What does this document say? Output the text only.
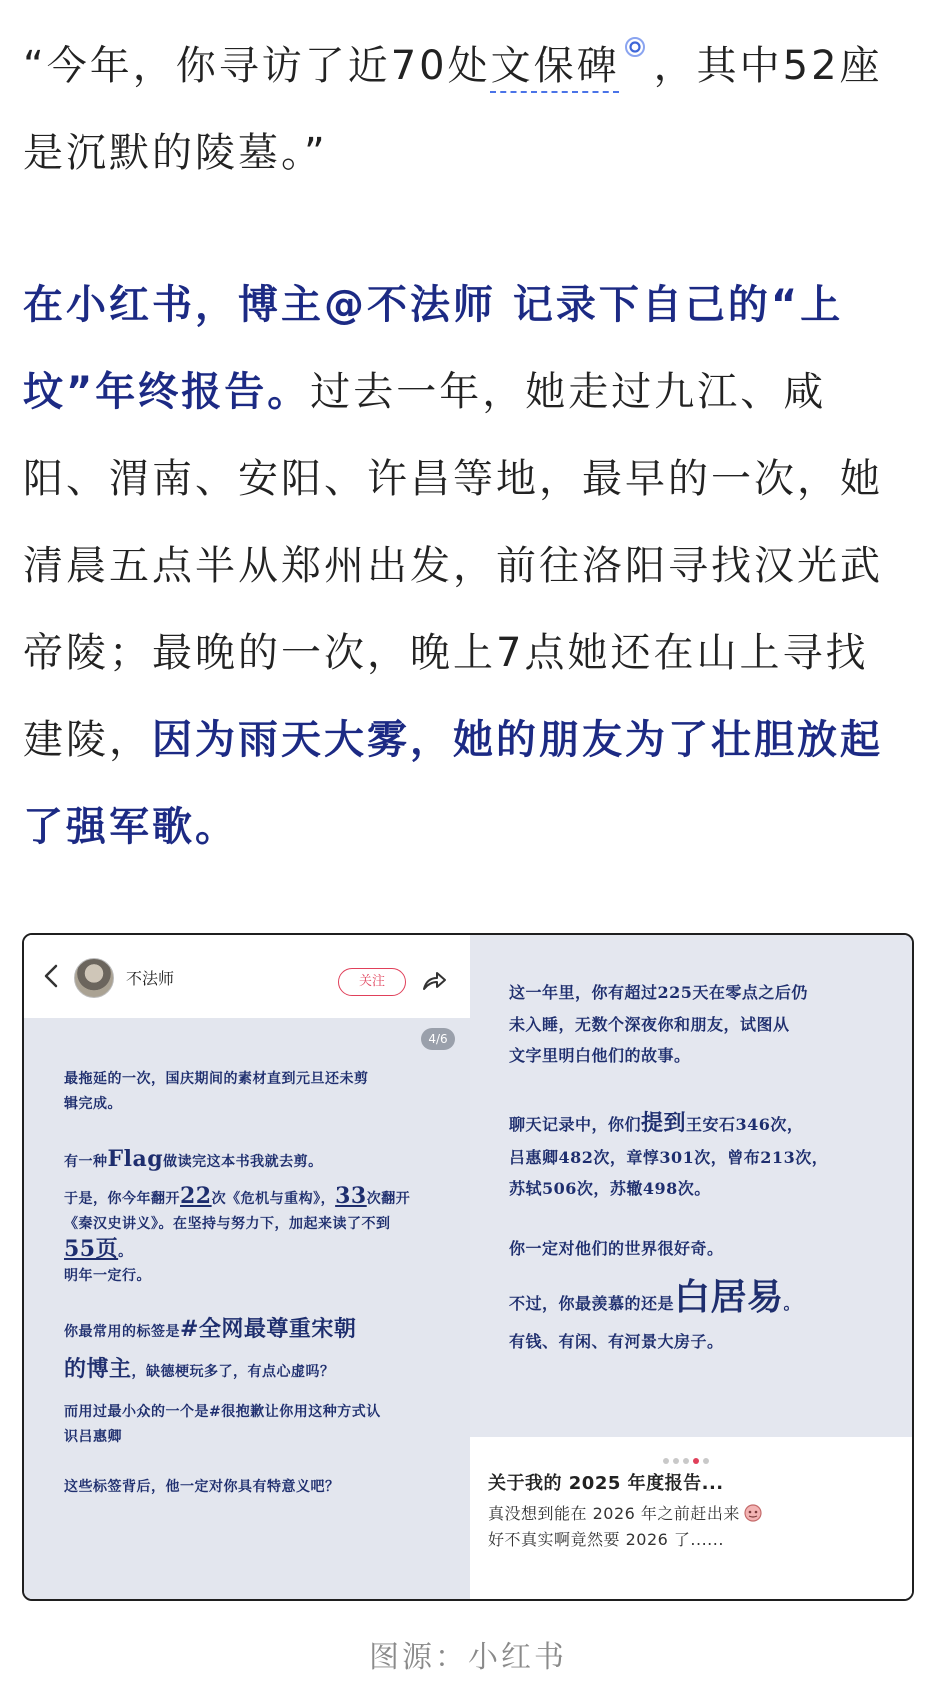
“今年，你寻访了近70处文保碑 ，其中52座
是沉默的陵墓。”
在小红书，博主@不法师 记录下自己的“上
坟”年终报告。过去一年，她走过九江、咸
阳、渭南、安阳、许昌等地，最早的一次，她
清晨五点半从郑州出发，前往洛阳寻找汉光武
帝陵；最晚的一次，晚上7点她还在山上寻找
建陵，因为雨天大雾，她的朋友为了壮胆放起
了强军歌。
不法师	关注
4/6
最拖延的一次，国庆期间的素材直到元旦还未剪
辑完成。
有一种Flag做读完这本书我就去剪。
于是，你今年翻开22次《危机与重构》，33次翻开
《秦汉史讲义》。在坚持与努力下，加起来读了不到
55页。
明年一定行。
你最常用的标签是#全网最尊重宋朝
的博主，缺德梗玩多了，有点心虚吗？
而用过最小众的一个是#很抱歉让你用这种方式认
识吕惠卿
这些标签背后，他一定对你具有特意义吧？
这一年里，你有超过225天在零点之后仍
未入睡，无数个深夜你和朋友，试图从
文字里明白他们的故事。
聊天记录中，你们提到王安石346次，
吕惠卿482次，章惇301次，曾布213次，
苏轼506次，苏辙498次。
你一定对他们的世界很好奇。
不过，你最羡慕的还是白居易。
有钱、有闲、有河景大房子。
关于我的 2025 年度报告...
真没想到能在 2026 年之前赶出来
好不真实啊竟然要 2026 了......
图源：小红书
